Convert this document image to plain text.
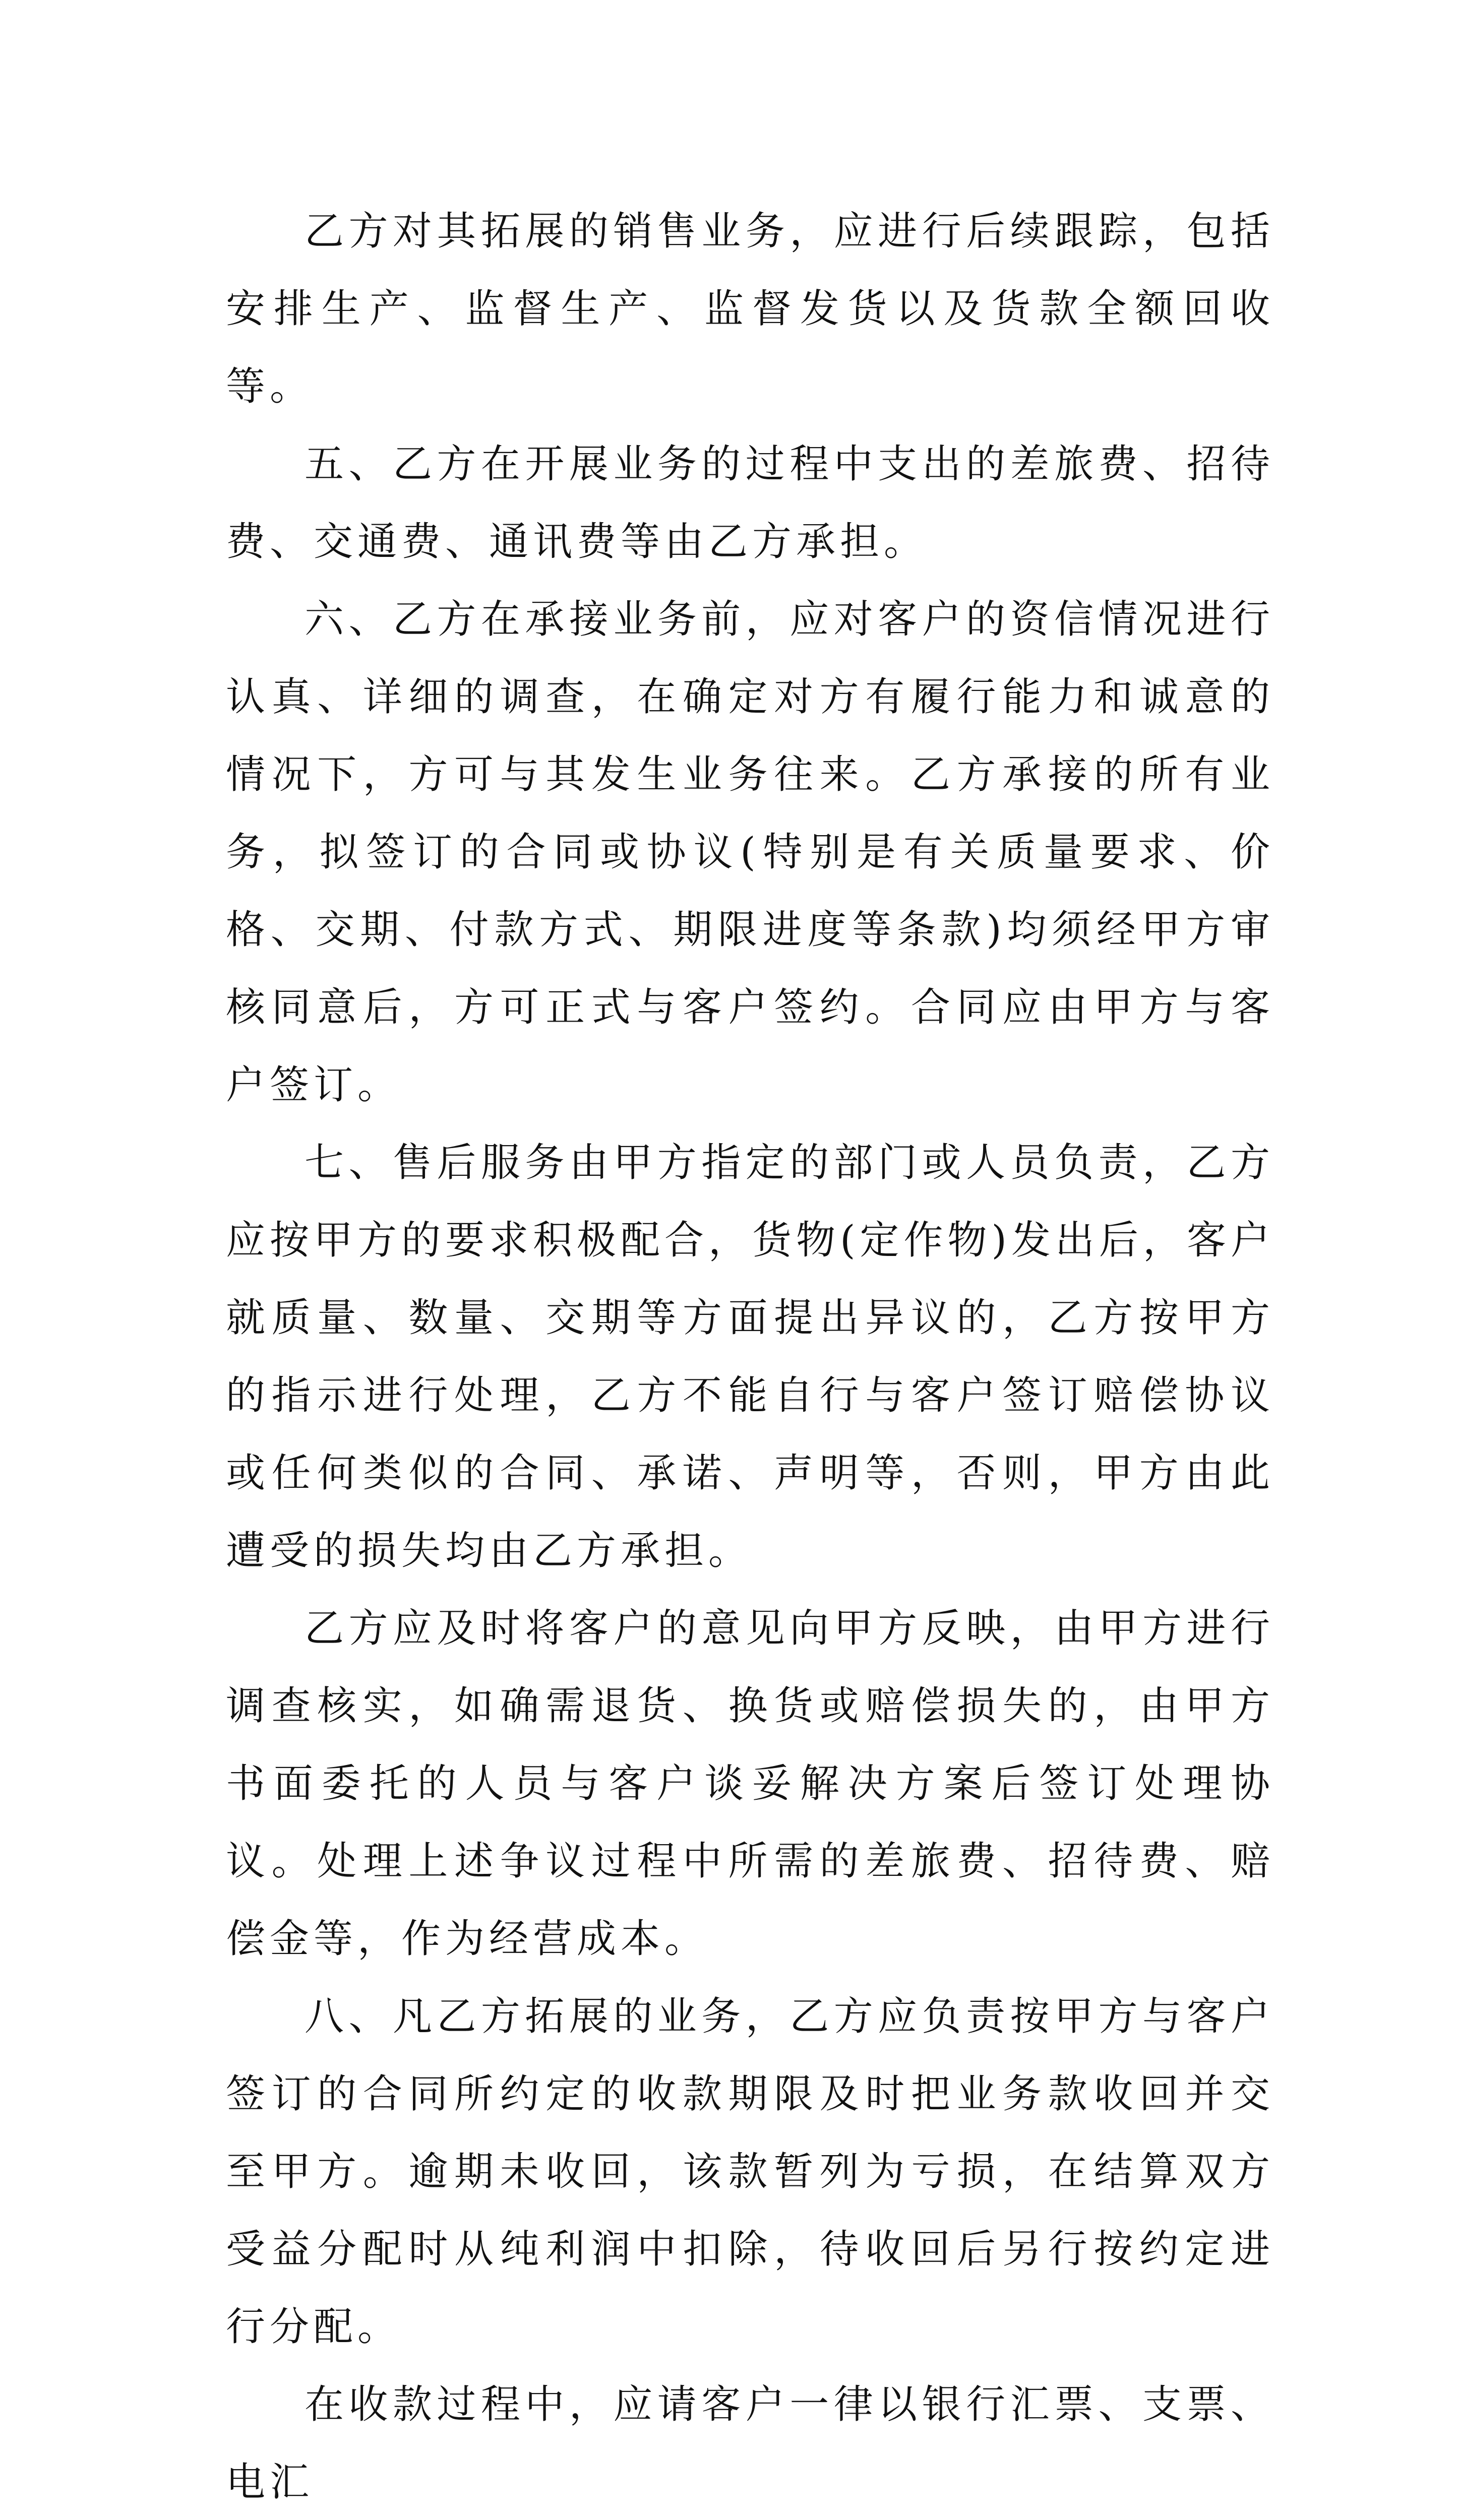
乙方对其拓展的销售业务，应进行后续跟踪，包括安排生产、监督生产、监督发货以及货款全额回收等。

五、乙方在开展业务的过程中支出的差旅费、招待费、交通费、通讯费等由乙方承担。

六、乙方在承接业务前，应对客户的资信情况进行认真、详细的调查，在确定对方有履行能力和诚意的情况下，方可与其发生业务往来。乙方承接的所有业务，拟签订的合同或协议(特别是有关质量要求、价格、交期、付款方式、期限进度等条款)均须经甲方审核同意后，方可正式与客户签约。合同应由甲方与客户签订。

七、售后服务由甲方指定的部门或人员负责，乙方应按甲方的要求积极配合，货物(定作物)发出后，客户就质量、数量、交期等方面提出异议的，乙方按甲方的指示进行处理，乙方不能自行与客户签订赔偿协议或任何类似的合同、承诺、声明等，否则，甲方由此遭受的损失均由乙方承担。

乙方应及时将客户的意见向甲方反映，由甲方进行调查核实，如确需退货、换货或赔偿损失的，由甲方书面委托的人员与客户谈妥解决方案后签订处理协议。处理上述争议过程中所需的差旅费、招待费、赔偿金等，作为经营成本。

八、凡乙方拓展的业务，乙方应负责按甲方与客户签订的合同所约定的收款期限及时把业务款收回并交至甲方。逾期未收回，该款暂列为亏损，在结算双方受益分配时从纯利润中扣除，待收回后另行按约定进行分配。

在收款过程中，应请客户一律以银行汇票、支票、电汇
